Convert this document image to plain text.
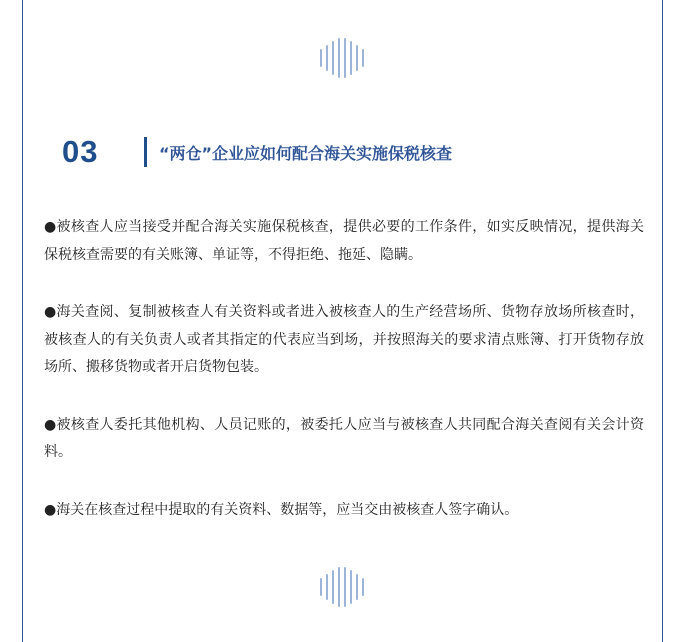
03	“两仓”企业应如何配合海关实施保税核查

●被核查人应当接受并配合海关实施保税核查，提供必要的工作条件，如实反映情况，提供海关保税核查需要的有关账簿、单证等，不得拒绝、拖延、隐瞒。

●海关查阅、复制被核查人有关资料或者进入被核查人的生产经营场所、货物存放场所核查时，被核查人的有关负责人或者其指定的代表应当到场，并按照海关的要求清点账簿、打开货物存放场所、搬移货物或者开启货物包装。

●被核查人委托其他机构、人员记账的，被委托人应当与被核查人共同配合海关查阅有关会计资料。

●海关在核查过程中提取的有关资料、数据等，应当交由被核查人签字确认。
